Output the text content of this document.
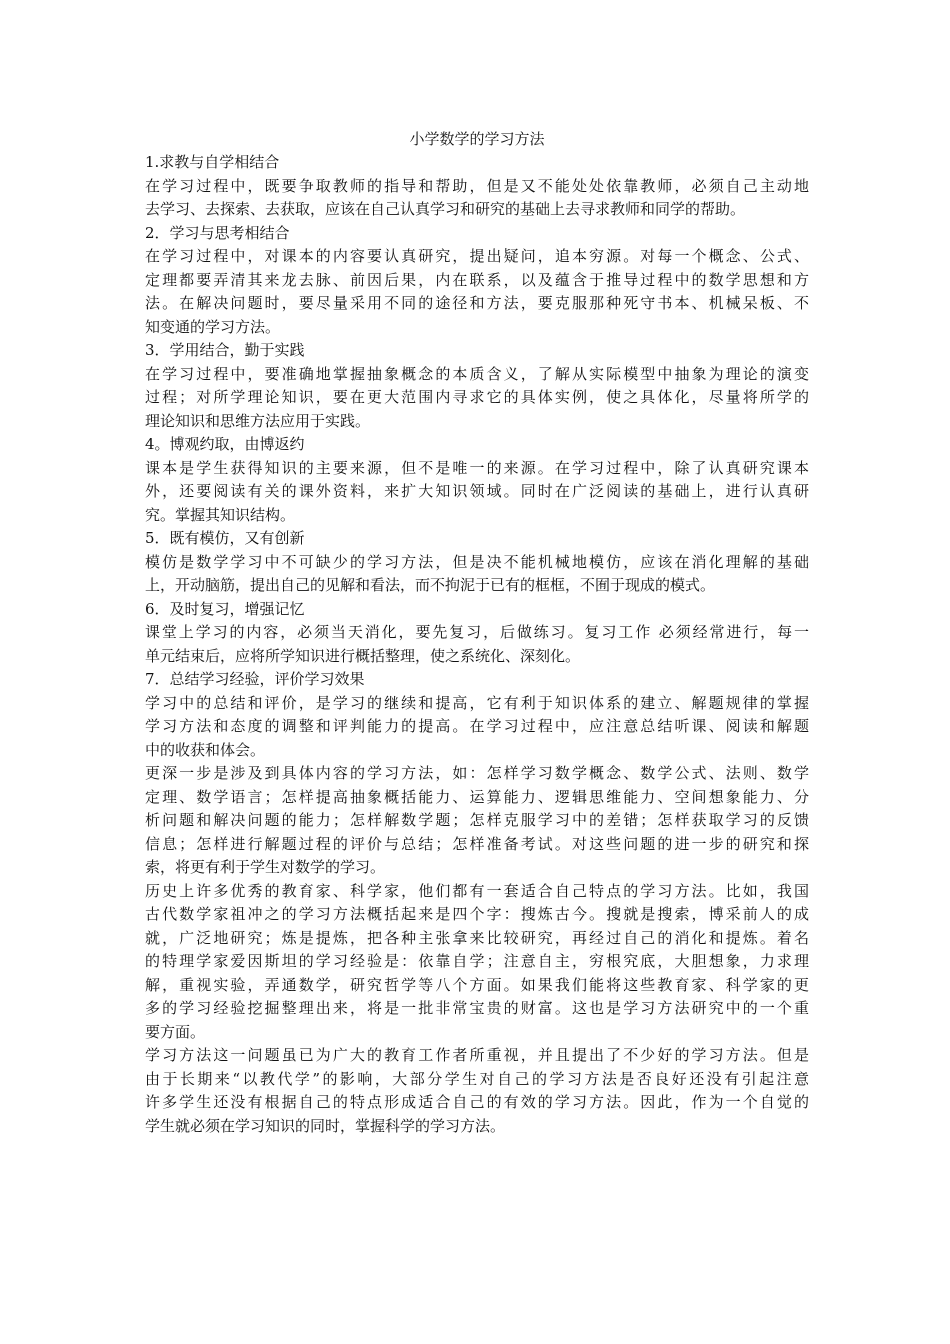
小学数学的学习方法
1.求教与自学相结合
在学习过程中，既要争取教师的指导和帮助，但是又不能处处依靠教师，必须自己主动地
去学习、去探索、去获取，应该在自己认真学习和研究的基础上去寻求教师和同学的帮助。
2．学习与思考相结合
在学习过程中，对课本的内容要认真研究，提出疑问，追本穷源。对每一个概念、公式、
定理都要弄清其来龙去脉、前因后果，内在联系，以及蕴含于推导过程中的数学思想和方
法。在解决问题时，要尽量采用不同的途径和方法，要克服那种死守书本、机械呆板、不
知变通的学习方法。
3．学用结合，勤于实践
在学习过程中，要准确地掌握抽象概念的本质含义，了解从实际模型中抽象为理论的演变
过程；对所学理论知识，要在更大范围内寻求它的具体实例，使之具体化，尽量将所学的
理论知识和思维方法应用于实践。
4。博观约取，由博返约
课本是学生获得知识的主要来源，但不是唯一的来源。在学习过程中，除了认真研究课本
外，还要阅读有关的课外资料，来扩大知识领域。同时在广泛阅读的基础上，进行认真研
究。掌握其知识结构。
5．既有模仿，又有创新
模仿是数学学习中不可缺少的学习方法，但是决不能机械地模仿，应该在消化理解的基础
上，开动脑筋，提出自己的见解和看法，而不拘泥于已有的框框，不囿于现成的模式。
6．及时复习，增强记忆
课堂上学习的内容，必须当天消化，要先复习，后做练习。复习工作 必须经常进行，每一
单元结束后，应将所学知识进行概括整理，使之系统化、深刻化。
7．总结学习经验，评价学习效果
学习中的总结和评价，是学习的继续和提高，它有利于知识体系的建立、解题规律的掌握
学习方法和态度的调整和评判能力的提高。在学习过程中，应注意总结听课、阅读和解题
中的收获和体会。
更深一步是涉及到具体内容的学习方法，如：怎样学习数学概念、数学公式、法则、数学
定理、数学语言；怎样提高抽象概括能力、运算能力、逻辑思维能力、空间想象能力、分
析问题和解决问题的能力；怎样解数学题；怎样克服学习中的差错；怎样获取学习的反馈
信息；怎样进行解题过程的评价与总结；怎样准备考试。对这些问题的进一步的研究和探
索，将更有利于学生对数学的学习。
历史上许多优秀的教育家、科学家，他们都有一套适合自己特点的学习方法。比如，我国
古代数学家祖冲之的学习方法概括起来是四个字：搜炼古今。搜就是搜索，博采前人的成
就，广泛地研究；炼是提炼，把各种主张拿来比较研究，再经过自己的消化和提炼。着名
的特理学家爱因斯坦的学习经验是：依靠自学；注意自主，穷根究底，大胆想象，力求理
解，重视实验，弄通数学，研究哲学等八个方面。如果我们能将这些教育家、科学家的更
多的学习经验挖掘整理出来，将是一批非常宝贵的财富。这也是学习方法研究中的一个重
要方面。
学习方法这一问题虽已为广大的教育工作者所重视，并且提出了不少好的学习方法。但是
由于长期来“以教代学”的影响，大部分学生对自己的学习方法是否良好还没有引起注意
许多学生还没有根据自己的特点形成适合自己的有效的学习方法。因此，作为一个自觉的
学生就必须在学习知识的同时，掌握科学的学习方法。
